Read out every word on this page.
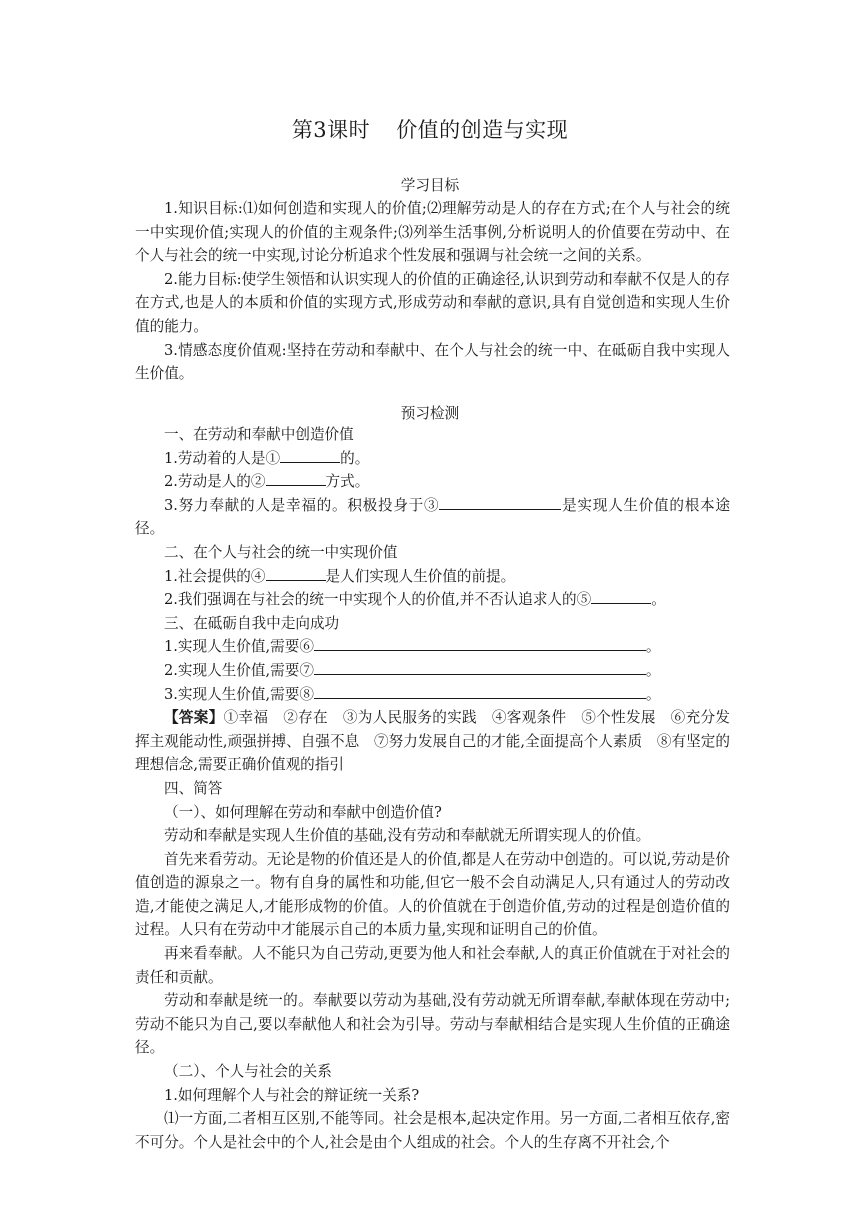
第3课时 价值的创造与实现
学习目标

1.知识目标:⑴如何创造和实现人的价值;⑵理解劳动是人的存在方式;在个人与社会的统一中实现价值;实现人的价值的主观条件;⑶列举生活事例,分析说明人的价值要在劳动中、在个人与社会的统一中实现,讨论分析追求个性发展和强调与社会统一之间的关系。

2.能力目标:使学生领悟和认识实现人的价值的正确途径,认识到劳动和奉献不仅是人的存在方式,也是人的本质和价值的实现方式,形成劳动和奉献的意识,具有自觉创造和实现人生价值的能力。

3.情感态度价值观:坚持在劳动和奉献中、在个人与社会的统一中、在砥砺自我中实现人生价值。

预习检测

一、在劳动和奉献中创造价值

1.劳动着的人是①	的。

2.劳动是人的②	方式。

3.努力奉献的人是幸福的。积极投身于③	是实现人生价值的根本途径。

二、在个人与社会的统一中实现价值

1.社会提供的④	是人们实现人生价值的前提。

2.我们强调在与社会的统一中实现个人的价值,并不否认追求人的⑤	。

三、在砥砺自我中走向成功

1.实现人生价值,需要⑥	。

2.实现人生价值,需要⑦	。

3.实现人生价值,需要⑧	。

【答案】①幸福　②存在　③为人民服务的实践　④客观条件　⑤个性发展　⑥充分发挥主观能动性,顽强拼搏、自强不息　⑦努力发展自己的才能,全面提高个人素质　⑧有坚定的理想信念,需要正确价值观的指引

四、简答

（一）、如何理解在劳动和奉献中创造价值?

劳动和奉献是实现人生价值的基础,没有劳动和奉献就无所谓实现人的价值。

首先来看劳动。无论是物的价值还是人的价值,都是人在劳动中创造的。可以说,劳动是价值创造的源泉之一。物有自身的属性和功能,但它一般不会自动满足人,只有通过人的劳动改造,才能使之满足人,才能形成物的价值。人的价值就在于创造价值,劳动的过程是创造价值的过程。人只有在劳动中才能展示自己的本质力量,实现和证明自己的价值。

再来看奉献。人不能只为自己劳动,更要为他人和社会奉献,人的真正价值就在于对社会的责任和贡献。

劳动和奉献是统一的。奉献要以劳动为基础,没有劳动就无所谓奉献,奉献体现在劳动中;劳动不能只为自己,要以奉献他人和社会为引导。劳动与奉献相结合是实现人生价值的正确途径。

（二）、个人与社会的关系

1.如何理解个人与社会的辩证统一关系?

⑴一方面,二者相互区别,不能等同。社会是根本,起决定作用。另一方面,二者相互依存,密不可分。个人是社会中的个人,社会是由个人组成的社会。个人的生存离不开社会,个
